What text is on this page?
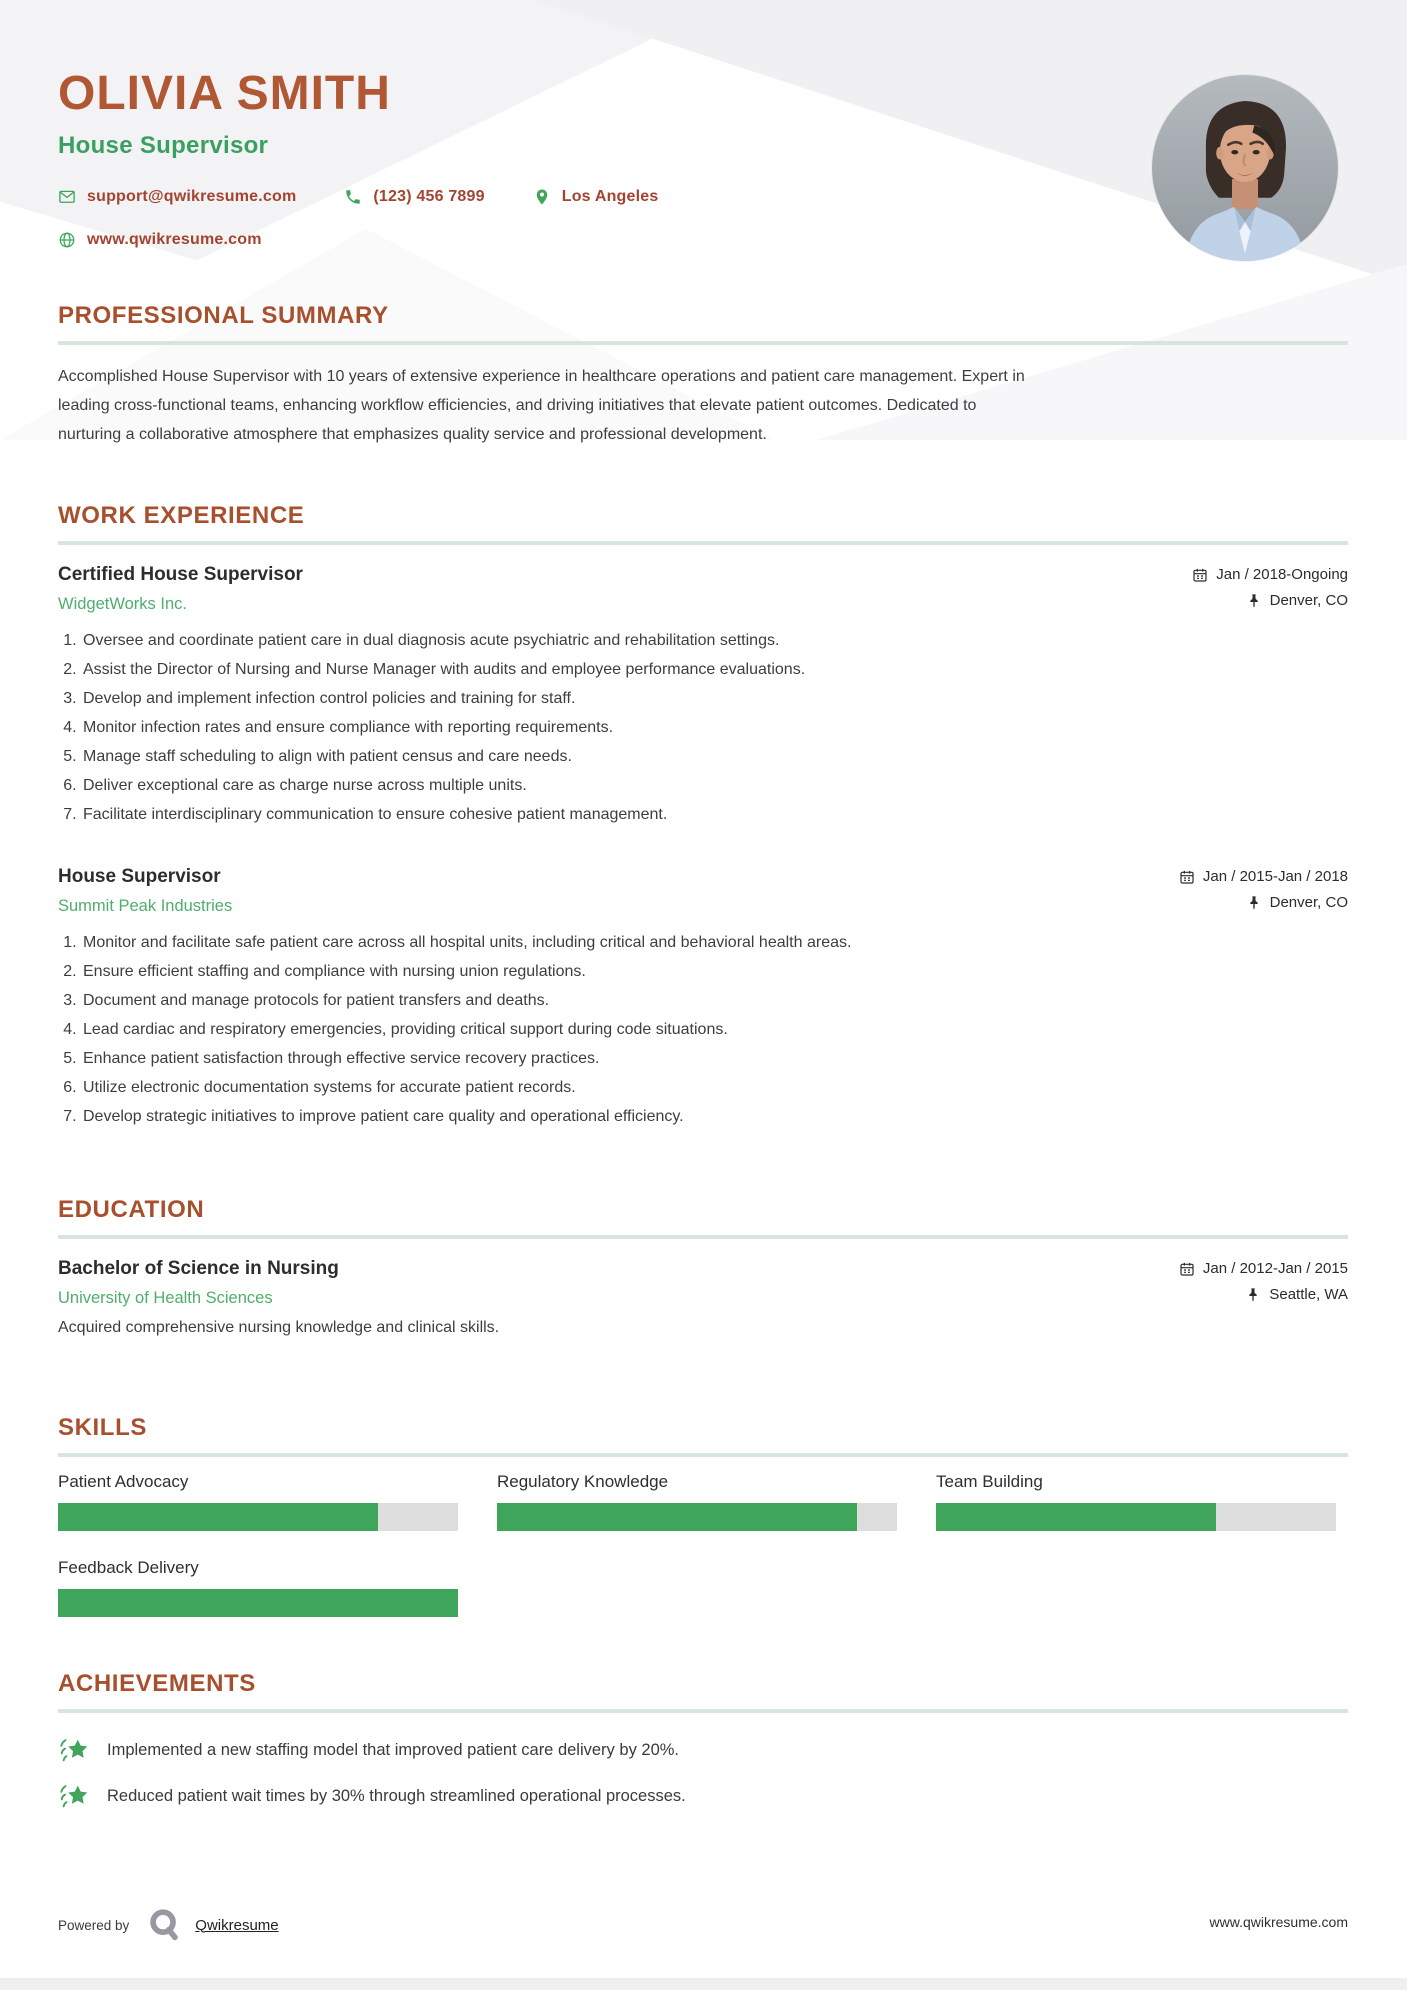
OLIVIA SMITH
House Supervisor
support@qwikresume.com	(123) 456 7899	Los Angeles
www.qwikresume.com
PROFESSIONAL SUMMARY

Accomplished House Supervisor with 10 years of extensive experience in healthcare operations and patient care management. Expert in leading cross-functional teams, enhancing workflow efficiencies, and driving initiatives that elevate patient outcomes. Dedicated to nurturing a collaborative atmosphere that emphasizes quality service and professional development.

WORK EXPERIENCE
Certified House Supervisor
WidgetWorks Inc.
Jan / 2018-Ongoing
Denver, CO
1. Oversee and coordinate patient care in dual diagnosis acute psychiatric and rehabilitation settings.
2. Assist the Director of Nursing and Nurse Manager with audits and employee performance evaluations.
3. Develop and implement infection control policies and training for staff.
4. Monitor infection rates and ensure compliance with reporting requirements.
5. Manage staff scheduling to align with patient census and care needs.
6. Deliver exceptional care as charge nurse across multiple units.
7. Facilitate interdisciplinary communication to ensure cohesive patient management.
House Supervisor
Summit Peak Industries
Jan / 2015-Jan / 2018
Denver, CO
1. Monitor and facilitate safe patient care across all hospital units, including critical and behavioral health areas.
2. Ensure efficient staffing and compliance with nursing union regulations.
3. Document and manage protocols for patient transfers and deaths.
4. Lead cardiac and respiratory emergencies, providing critical support during code situations.
5. Enhance patient satisfaction through effective service recovery practices.
6. Utilize electronic documentation systems for accurate patient records.
7. Develop strategic initiatives to improve patient care quality and operational efficiency.
EDUCATION
Bachelor of Science in Nursing
University of Health Sciences
Jan / 2012-Jan / 2015
Seattle, WA
Acquired comprehensive nursing knowledge and clinical skills.
SKILLS
Patient Advocacy	Regulatory Knowledge	Team Building
Feedback Delivery
ACHIEVEMENTS
Implemented a new staffing model that improved patient care delivery by 20%.
Reduced patient wait times by 30% through streamlined operational processes.
Powered by	Qwikresume	www.qwikresume.com
